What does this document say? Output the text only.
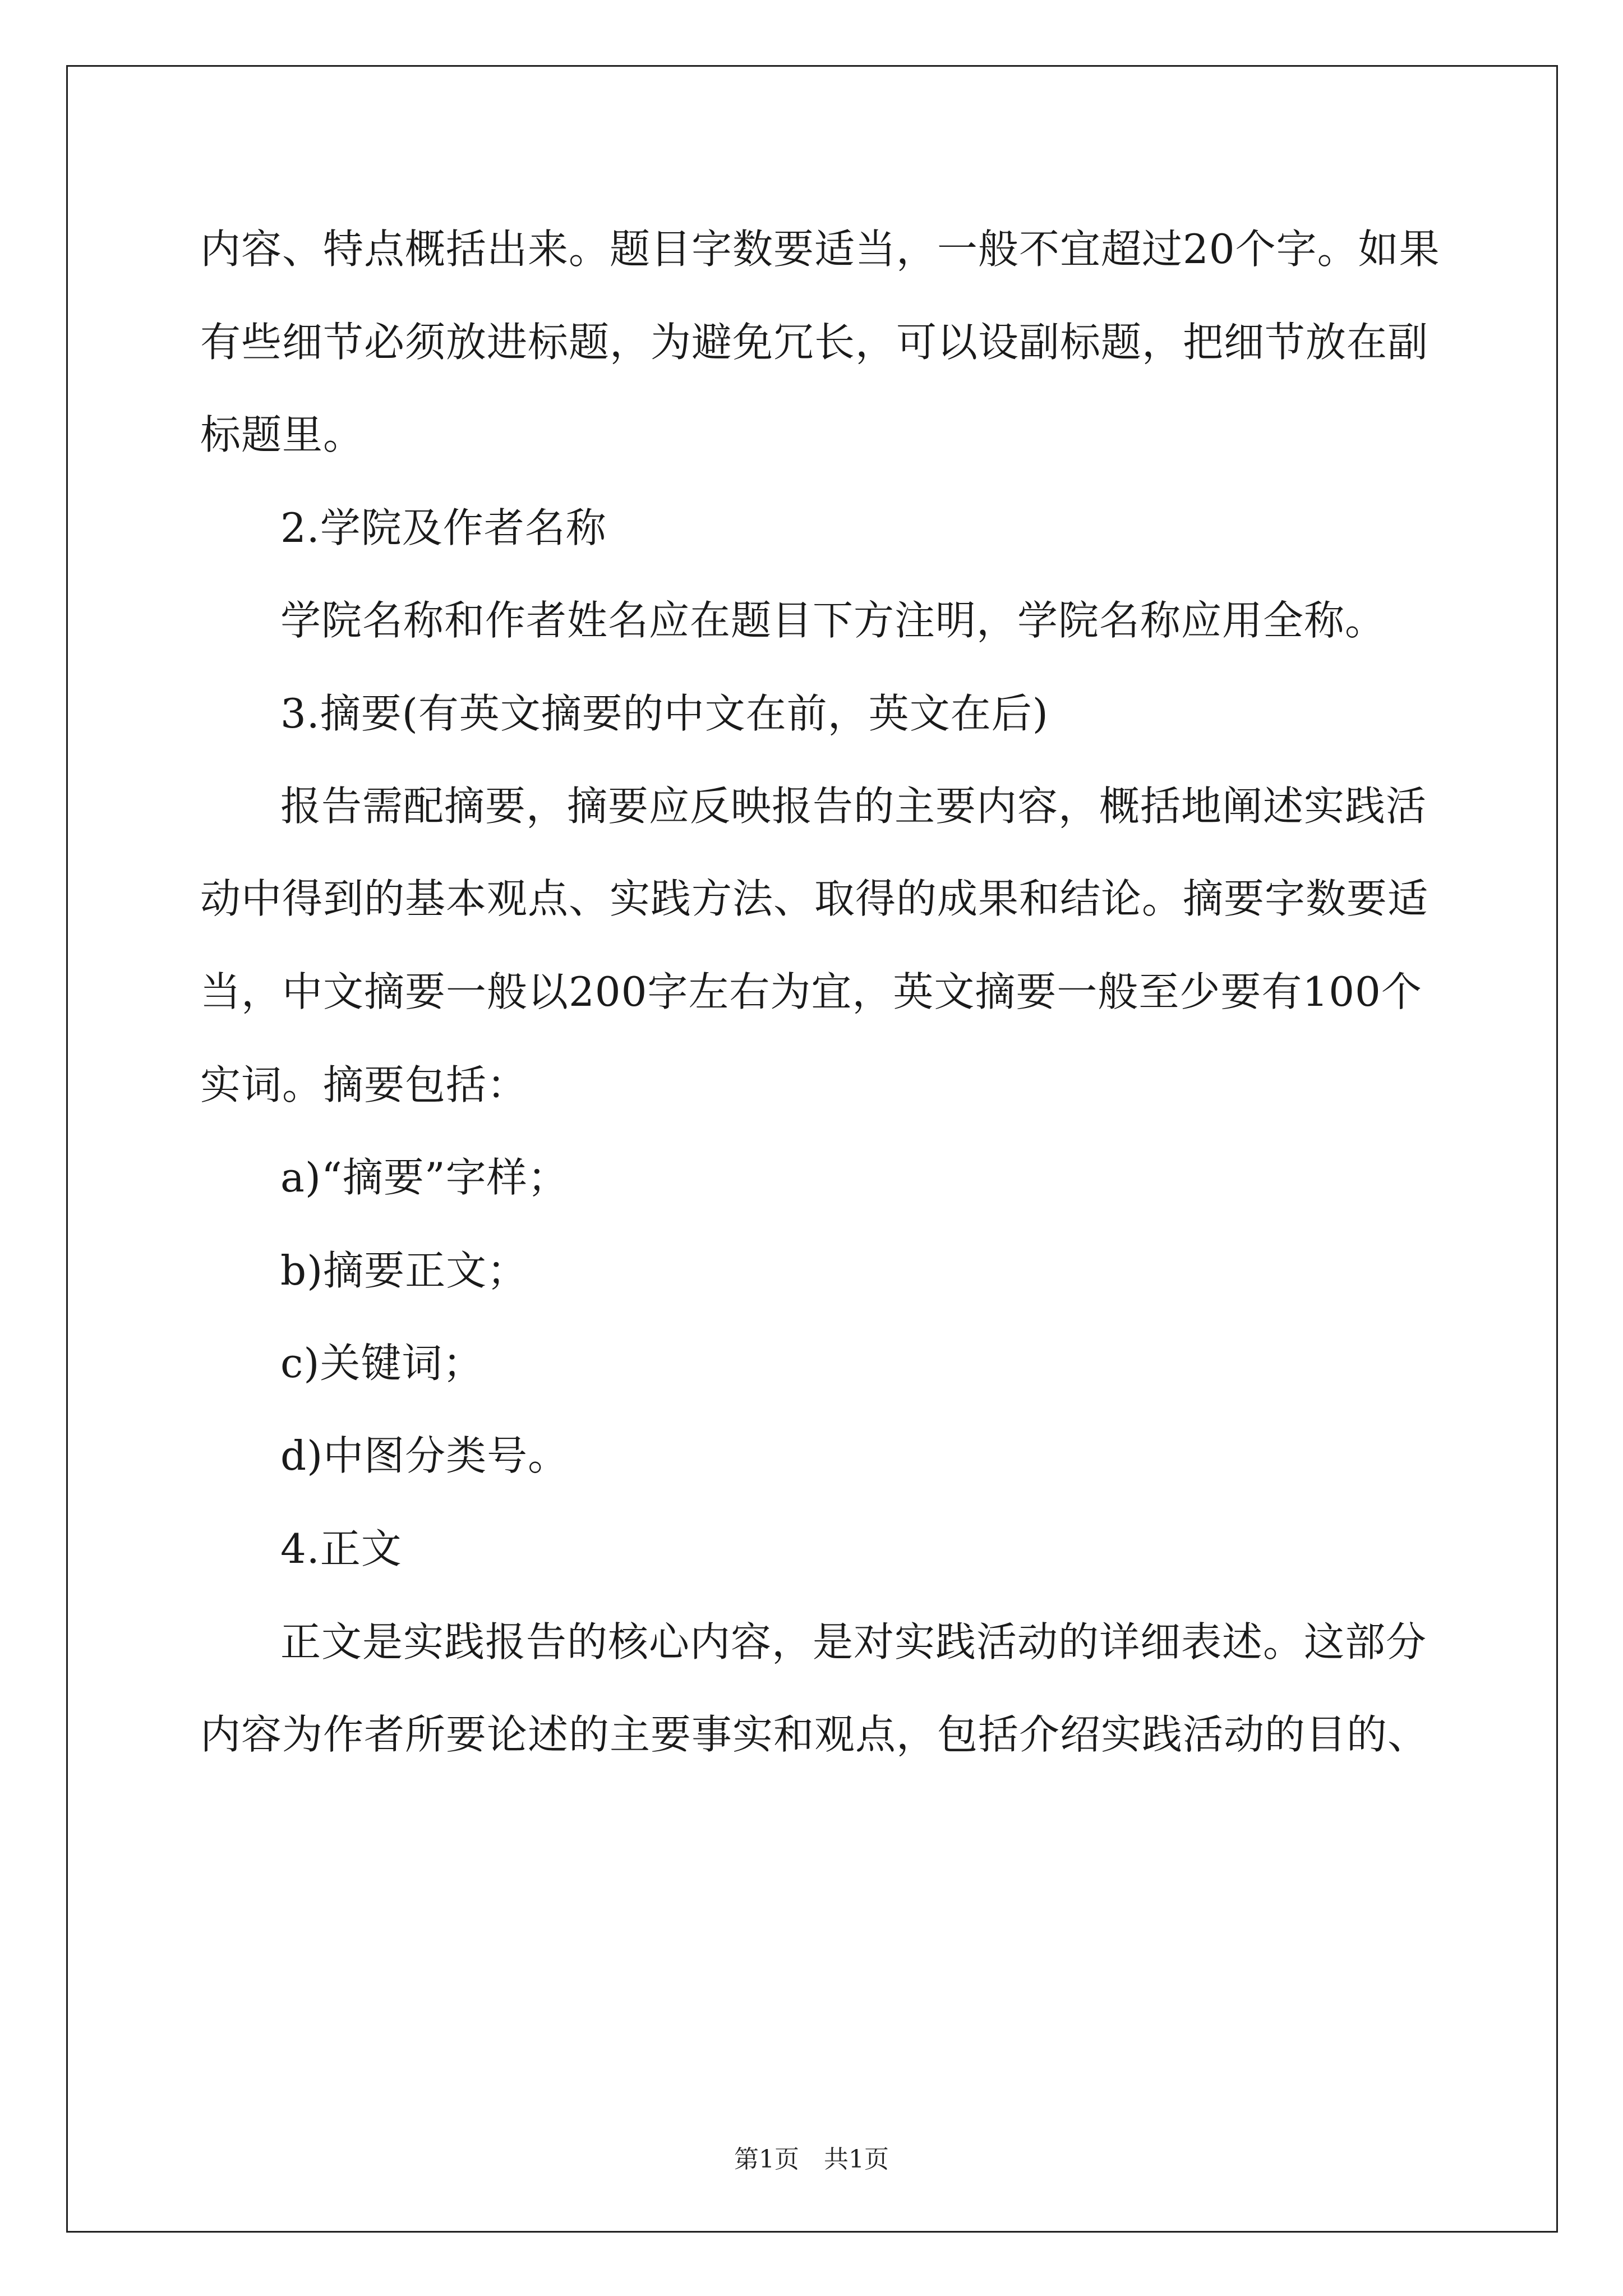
内容、特点概括出来。题目字数要适当，一般不宜超过20个字。如果
有些细节必须放进标题，为避免冗长，可以设副标题，把细节放在副
标题里。
2.学院及作者名称
学院名称和作者姓名应在题目下方注明，学院名称应用全称。
3.摘要(有英文摘要的中文在前，英文在后)
报告需配摘要，摘要应反映报告的主要内容，概括地阐述实践活
动中得到的基本观点、实践方法、取得的成果和结论。摘要字数要适
当，中文摘要一般以200字左右为宜，英文摘要一般至少要有100个
实词。摘要包括：
a)“摘要”字样；
b)摘要正文；
c)关键词；
d)中图分类号。
4.正文
正文是实践报告的核心内容，是对实践活动的详细表述。这部分
内容为作者所要论述的主要事实和观点，包括介绍实践活动的目的、
第1页　共1页
